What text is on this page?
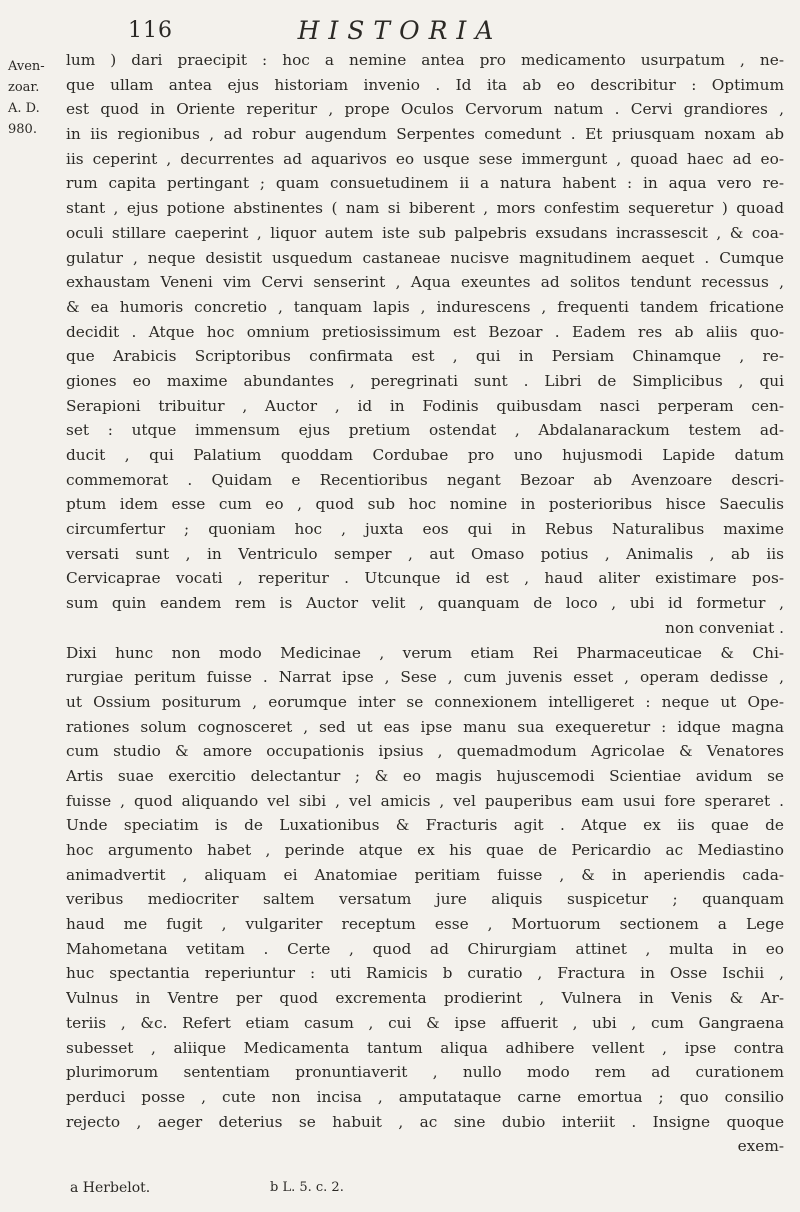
116	HISTORIA
Aven-
zoar.
A. D.
980.
lum ) dari praecipit : hoc a nemine antea pro medicamento usurpatum , ne-
que ullam antea ejus historiam invenio . Id ita ab eo describitur : Optimum
est quod in Oriente reperitur , prope Oculos Cervorum natum . Cervi grandiores ,
in iis regionibus , ad robur augendum Serpentes comedunt . Et priusquam noxam ab
iis ceperint , decurrentes ad aquarivos eo usque sese immergunt , quoad haec ad eo-
rum capita pertingant ; quam consuetudinem ii a natura habent : in aqua vero re-
stant , ejus potione abstinentes ( nam si biberent , mors confestim sequeretur ) quoad
oculi stillare caeperint , liquor autem iste sub palpebris exsudans incrassescit , & coa-
gulatur , neque desistit usquedum castaneae nucisve magnitudinem aequet . Cumque
exhaustam Veneni vim Cervi senserint , Aqua exeuntes ad solitos tendunt recessus ,
& ea humoris concretio , tanquam lapis , indurescens , frequenti tandem fricatione
decidit . Atque hoc omnium pretiosissimum est Bezoar . Eadem res ab aliis quo-
que Arabicis Scriptoribus confirmata est , qui in Persiam Chinamque , re-
giones eo maxime abundantes , peregrinati sunt . Libri de Simplicibus , qui
Serapioni tribuitur , Auctor , id in Fodinis quibusdam nasci perperam cen-
set : utque immensum ejus pretium ostendat , Abdalanarackum testem ad-
ducit , qui Palatium quoddam Cordubae pro uno hujusmodi Lapide datum
commemorat . Quidam e Recentioribus negant Bezoar ab Avenzoare descri-
ptum idem esse cum eo , quod sub hoc nomine in posterioribus hisce Saeculis
circumfertur ; quoniam hoc , juxta eos qui in Rebus Naturalibus maxime
versati sunt , in Ventriculo semper , aut Omaso potius , Animalis , ab iis
Cervicaprae vocati , reperitur . Utcunque id est , haud aliter existimare pos-
sum quin eandem rem is Auctor velit , quanquam de loco , ubi id formetur ,
non conveniat .
Dixi hunc non modo Medicinae , verum etiam Rei Pharmaceuticae & Chi-
rurgiae peritum fuisse . Narrat ipse , Sese , cum juvenis esset , operam dedisse ,
ut Ossium positurum , eorumque inter se connexionem intelligeret : neque ut Ope-
rationes solum cognosceret , sed ut eas ipse manu sua exequeretur : idque magna
cum studio & amore occupationis ipsius , quemadmodum Agricolae & Venatores
Artis suae exercitio delectantur ; & eo magis hujuscemodi Scientiae avidum se
fuisse , quod aliquando vel sibi , vel amicis , vel pauperibus eam usui fore speraret .
Unde speciatim is de Luxationibus & Fracturis agit . Atque ex iis quae de
hoc argumento habet , perinde atque ex his quae de Pericardio ac Mediastino
animadvertit , aliquam ei Anatomiae peritiam fuisse , & in aperiendis cada-
veribus mediocriter saltem versatum jure aliquis suspicetur ; quanquam
haud me fugit , vulgariter receptum esse , Mortuorum sectionem a Lege
Mahometana vetitam . Certe , quod ad Chirurgiam attinet , multa in eo
huc spectantia reperiuntur : uti Ramicis b curatio , Fractura in Osse Ischii ,
Vulnus in Ventre per quod excrementa prodierint , Vulnera in Venis & Ar-
teriis , &c. Refert etiam casum , cui & ipse affuerit , ubi , cum Gangraena
subesset , aliique Medicamenta tantum aliqua adhibere vellent , ipse contra
plurimorum sententiam pronuntiaverit , nullo modo rem ad curationem
perduci posse , cute non incisa , amputataque carne emortua ; quo consilio
rejecto , aeger deterius se habuit , ac sine dubio interiit . Insigne quoque
exem-
a Herbelot.	b L. 5. c. 2.
